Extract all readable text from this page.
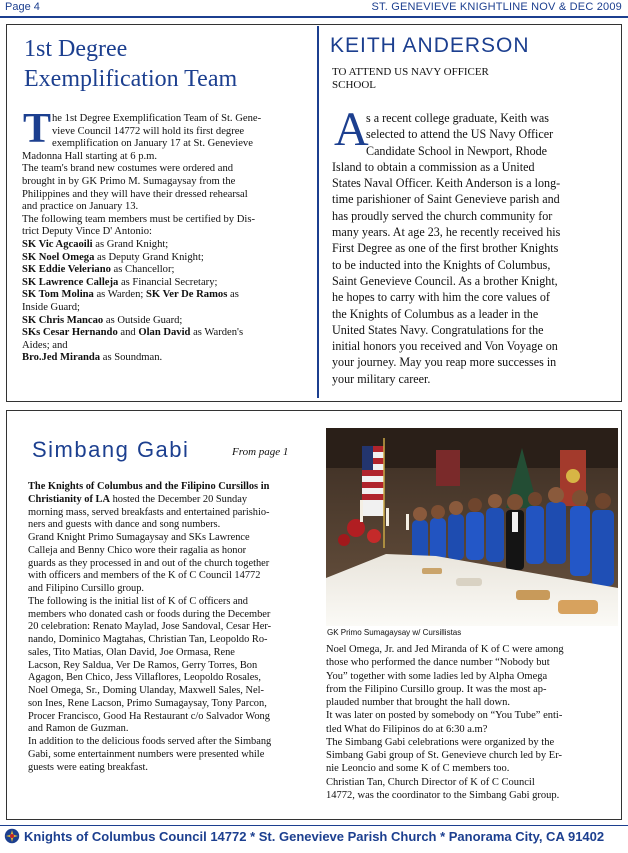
Page 4	ST. GENEVIEVE KNIGHTLINE NOV & DEC 2009
1st Degree
Exemplification Team
T he 1st Degree Exemplification Team of St. Gene-
vieve Council 14772 will hold its first degree
exemplification on January 17 at St. Genevieve
Madonna Hall starting at 6 p.m.
The team's brand new costumes were ordered and
brought in by GK Primo M. Sumagaysay from the
Philippines and they will have their dressed rehearsal
and practice on January 13.
The following team members must be certified by Dis-
trict Deputy Vince D' Antonio:
SK Vic Agcaoili as Grand Knight;
SK Noel Omega as Deputy Grand Knight;
SK Eddie Veleriano as Chancellor;
SK Lawrence Calleja as Financial Secretary;
SK Tom Molina as Warden; SK Ver De Ramos as
Inside Guard;
SK Chris Mancao as Outside Guard;
SKs Cesar Hernando and Olan David as Warden's
Aides; and
Bro.Jed Miranda as Soundman.
KEITH ANDERSON
TO ATTEND US NAVY OFFICER
SCHOOL
A
s a recent college graduate, Keith was
selected to attend the US Navy Officer
Candidate School in Newport, Rhode
Island to obtain a commission as a United
States Naval Officer. Keith Anderson is a long-
time parishioner of Saint Genevieve parish and
has proudly served the church community for
many years. At age 23, he recently received his
First Degree as one of the first brother Knights
to be inducted into the Knights of Columbus,
Saint Genevieve Council. As a brother Knight,
he hopes to carry with him the core values of
the Knights of Columbus as a leader in the
United States Navy. Congratulations for the
initial honors you received and Von Voyage on
your journey. May you reap more successes in
your military career.
Simbang Gabi	From page 1
The Knights of Columbus and the Filipino Cursillos in
Christianity of LA hosted the December 20 Sunday
morning mass, served breakfasts and entertained parishio-
ners and guests with dance and song numbers.
Grand Knight Primo Sumagaysay and SKs Lawrence
Calleja and Benny Chico wore their ragalia as honor
guards as they processed in and out of the church together
with officers and members of the K of C Council 14772
and Filipino Cursillo group.
The following is the initial list of K of C officers and
members who donated cash or foods during the December
20 celebration: Renato Maylad, Jose Sandoval, Cesar Her-
nando, Dominico Magtahas, Christian Tan, Leopoldo Ro-
sales, Tito Matias, Olan David, Joe Ormasa, Rene
Lacson, Rey Saldua, Ver De Ramos, Gerry Torres, Bon
Agagon, Ben Chico, Jess Villaflores, Leopoldo Rosales,
Noel Omega, Sr., Doming Ulanday, Maxwell Sales, Nel-
son Ines, Rene Lacson, Primo Sumagaysay, Tony Parcon,
Procer Francisco, Good Ha Restaurant c/o Salvador Wong
and Ramon de Guzman.
In addition to the delicious foods served after the Simbang
Gabi, some entertainment numbers were presented while
guests were eating breakfast.
GK Primo Sumagaysay w/ Cursillistas
Noel Omega, Jr. and Jed Miranda of K of C were among
those who performed the dance number “Nobody but
You” together with some ladies led by Alpha Omega
from the Filipino Cursillo group. It was the most ap-
plauded number that brought the hall down.
It was later on posted by somebody on “You Tube” enti-
tled What do Filipinos do at 6:30 a.m?
The Simbang Gabi celebrations were organized by the
Simbang Gabi group of St. Genevieve church led by Er-
nie Leoncio and some K of C members too.
Christian Tan, Church Director of K of C Council
14772, was the coordinator to the Simbang Gabi group.
Knights of Columbus Council 14772 * St. Genevieve Parish Church * Panorama City, CA 91402
